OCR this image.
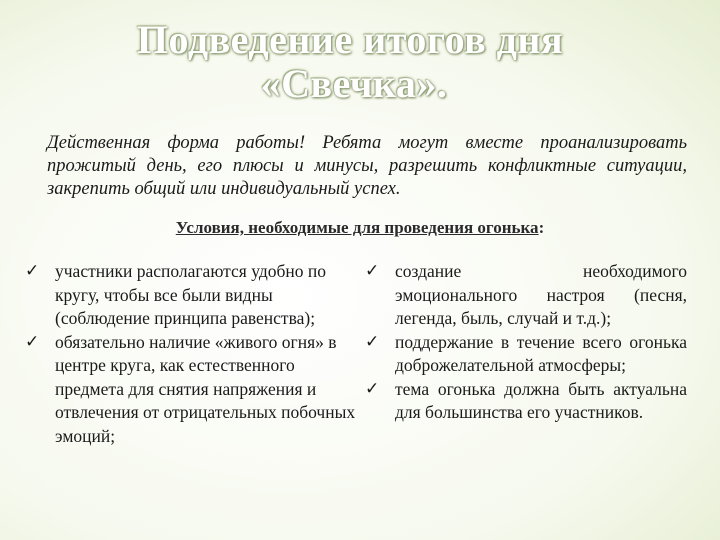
Подведение итогов дня
«Свечка».

Действенная форма работы! Ребята могут вместе проанализировать прожитый день, его плюсы и минусы, разрешить конфликтные ситуации, закрепить общий или индивидуальный успех.

Условия, необходимые для проведения огонька:

✓ участники располагаются удобно по кругу, чтобы все были видны (соблюдение принципа равенства);

✓ обязательно наличие «живого огня» в центре круга, как естественного предмета для снятия напряжения и отвлечения от отрицательных побочных эмоций;

✓ создание необходимого эмоционального настроя (песня, легенда, быль, случай и т.д.);

✓ поддержание в течение всего огонька доброжелательной атмосферы;

✓ тема огонька должна быть актуальна для большинства его участников.
